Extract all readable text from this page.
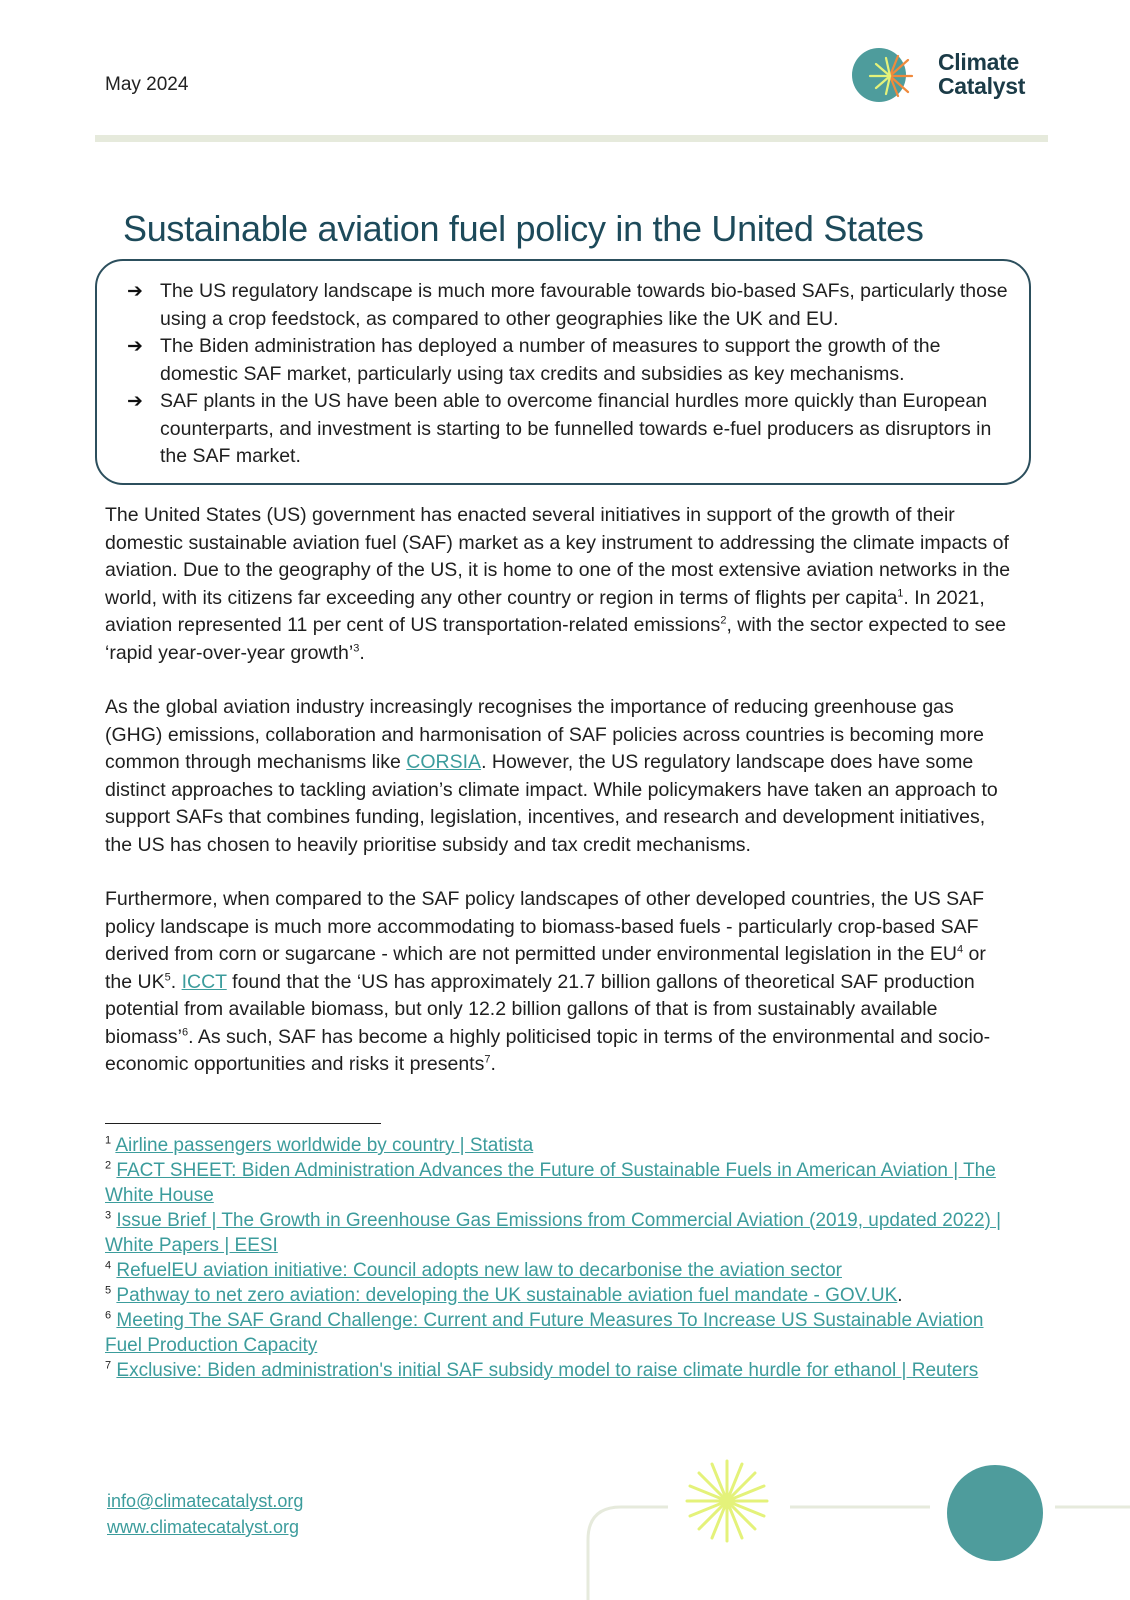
May 2024
Climate
Catalyst
Sustainable aviation fuel policy in the United States
➔ The US regulatory landscape is much more favourable towards bio-based SAFs, particularly those using a crop feedstock, as compared to other geographies like the UK and EU.
➔ The Biden administration has deployed a number of measures to support the growth of the domestic SAF market, particularly using tax credits and subsidies as key mechanisms.
➔ SAF plants in the US have been able to overcome financial hurdles more quickly than European counterparts, and investment is starting to be funnelled towards e-fuel producers as disruptors in the SAF market.

The United States (US) government has enacted several initiatives in support of the growth of their domestic sustainable aviation fuel (SAF) market as a key instrument to addressing the climate impacts of aviation. Due to the geography of the US, it is home to one of the most extensive aviation networks in the world, with its citizens far exceeding any other country or region in terms of flights per capita$^1$. In 2021, aviation represented 11 per cent of US transportation-related emissions$^2$, with the sector expected to see ‘rapid year-over-year growth’$^3$.

As the global aviation industry increasingly recognises the importance of reducing greenhouse gas (GHG) emissions, collaboration and harmonisation of SAF policies across countries is becoming more common through mechanisms like CORSIA. However, the US regulatory landscape does have some distinct approaches to tackling aviation’s climate impact. While policymakers have taken an approach to support SAFs that combines funding, legislation, incentives, and research and development initiatives, the US has chosen to heavily prioritise subsidy and tax credit mechanisms.

Furthermore, when compared to the SAF policy landscapes of other developed countries, the US SAF policy landscape is much more accommodating to biomass-based fuels - particularly crop-based SAF derived from corn or sugarcane - which are not permitted under environmental legislation in the $EU^4$ or the $UK^5$. ICCT found that the ‘US has approximately 21.7 billion gallons of theoretical SAF production potential from available biomass, but only 12.2 billion gallons of that is from sustainably available biomass’$^6$. As such, SAF has become a highly politicised topic in terms of the environmental and socio-economic opportunities and risks it presents$^7$.

$^1$ Airline passengers worldwide by country | Statista
$^2$ FACT SHEET: Biden Administration Advances the Future of Sustainable Fuels in American Aviation | The White House
$^3$ Issue Brief | The Growth in Greenhouse Gas Emissions from Commercial Aviation (2019, updated 2022) | White Papers | EESI
$^4$ RefuelEU aviation initiative: Council adopts new law to decarbonise the aviation sector
$^5$ Pathway to net zero aviation: developing the UK sustainable aviation fuel mandate - GOV.UK.
$^6$ Meeting The SAF Grand Challenge: Current and Future Measures To Increase US Sustainable Aviation Fuel Production Capacity
$^7$ Exclusive: Biden administration's initial SAF subsidy model to raise climate hurdle for ethanol | Reuters
info@climatecatalyst.org
www.climatecatalyst.org
